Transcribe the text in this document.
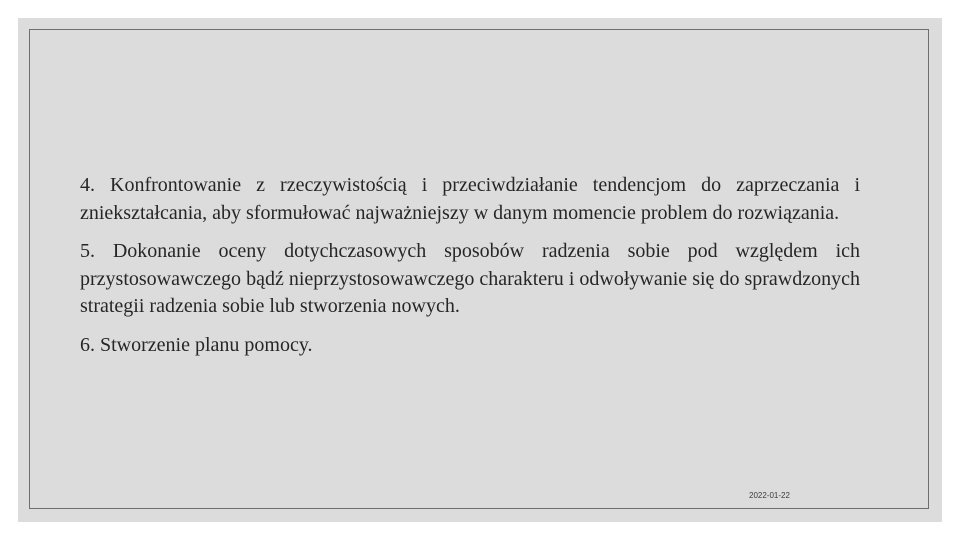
4. Konfrontowanie z rzeczywistością i przeciwdziałanie tendencjom do zaprzeczania i zniekształcania, aby sformułować najważniejszy w danym momencie problem do rozwiązania.

5. Dokonanie oceny dotychczasowych sposobów radzenia sobie pod względem ich przystosowawczego bądź nieprzystosowawczego charakteru i odwoływanie się do sprawdzonych strategii radzenia sobie lub stworzenia nowych.

6. Stworzenie planu pomocy.

2022-01-22
